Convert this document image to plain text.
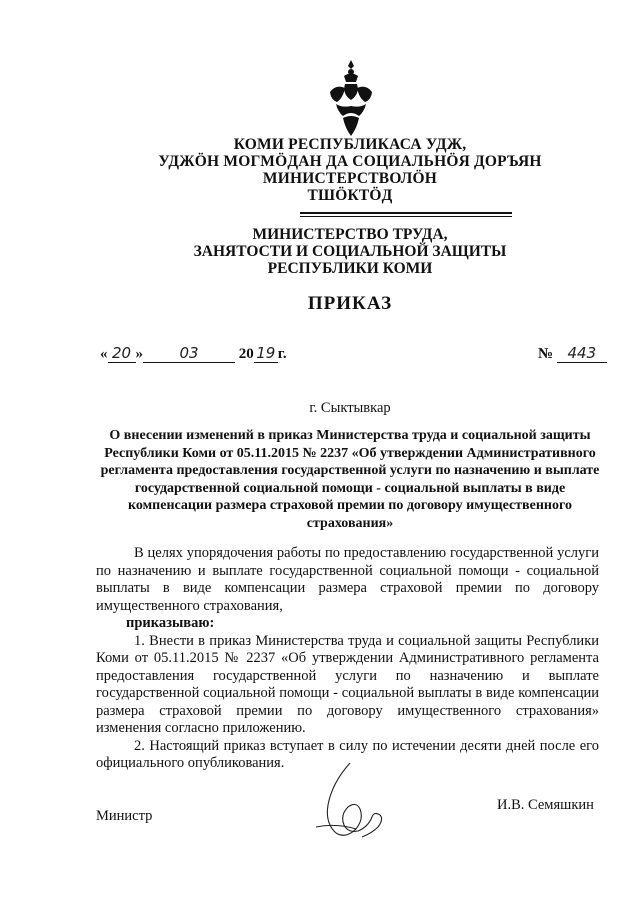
КОМИ РЕСПУБЛИКАСА УДЖ,
УДЖӦН МОГМӦДАН ДА СОЦИАЛЬНӦЯ ДОРЪЯН
МИНИСТЕРСТВОЛӦН
ТШӦКТӦД
МИНИСТЕРСТВО ТРУДА,
ЗАНЯТОСТИ И СОЦИАЛЬНОЙ ЗАЩИТЫ
РЕСПУБЛИКИ КОМИ
ПРИКАЗ
« 20 » 03	20 19 г.	№ 443
г. Сыктывкар
О внесении изменений в приказ Министерства труда и социальной защиты Республики Коми от 05.11.2015 № 2237 «Об утверждении Административного регламента предоставления государственной услуги по назначению и выплате государственной социальной помощи - социальной выплаты в виде компенсации размера страховой премии по договору имущественного страхования»

В целях упорядочения работы по предоставлению государственной услуги по назначению и выплате государственной социальной помощи - социальной выплаты в виде компенсации размера страховой премии по договору имущественного страхования,

приказываю:

1. Внести в приказ Министерства труда и социальной защиты Республики Коми от 05.11.2015 № 2237 «Об утверждении Административного регламента предоставления государственной услуги по назначению и выплате государственной социальной помощи - социальной выплаты в виде компенсации размера страховой премии по договору имущественного страхования» изменения согласно приложению.

2. Настоящий приказ вступает в силу по истечении десяти дней после его официального опубликования.

Министр
И.В. Семяшкин
